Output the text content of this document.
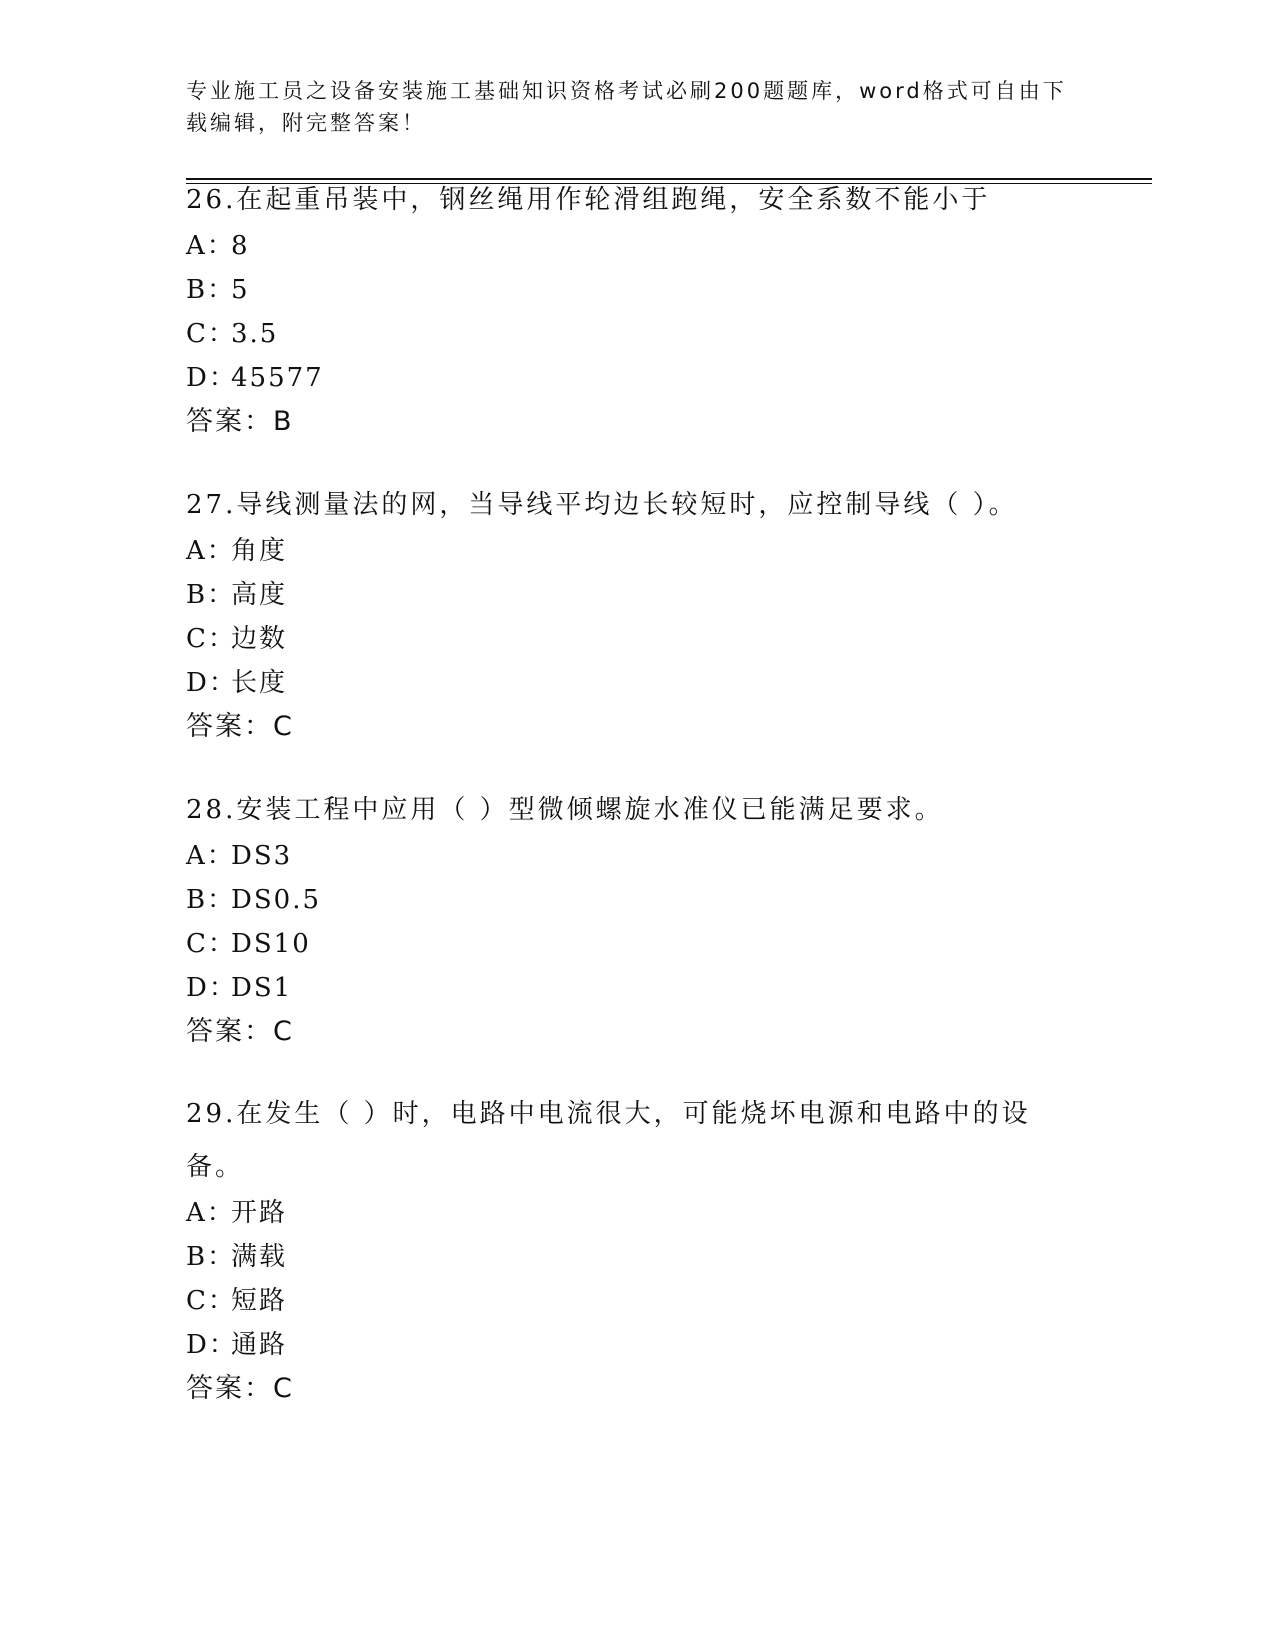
专业施工员之设备安装施工基础知识资格考试必刷200题题库，word格式可自由下载编辑，附完整答案！

26.在起重吊装中，钢丝绳用作轮滑组跑绳，安全系数不能小于

A：8
B：5
C：3.5
D：45577
答案：B

27.导线测量法的网，当导线平均边长较短时，应控制导线（ ）。

A：角度
B：高度
C：边数
D：长度
答案：C

28.安装工程中应用（ ）型微倾螺旋水准仪已能满足要求。

A：DS3
B：DS0.5
C：DS10
D：DS1
答案：C

29.在发生（ ）时，电路中电流很大，可能烧坏电源和电路中的设备。

A：开路
B：满载
C：短路
D：通路
答案：C
